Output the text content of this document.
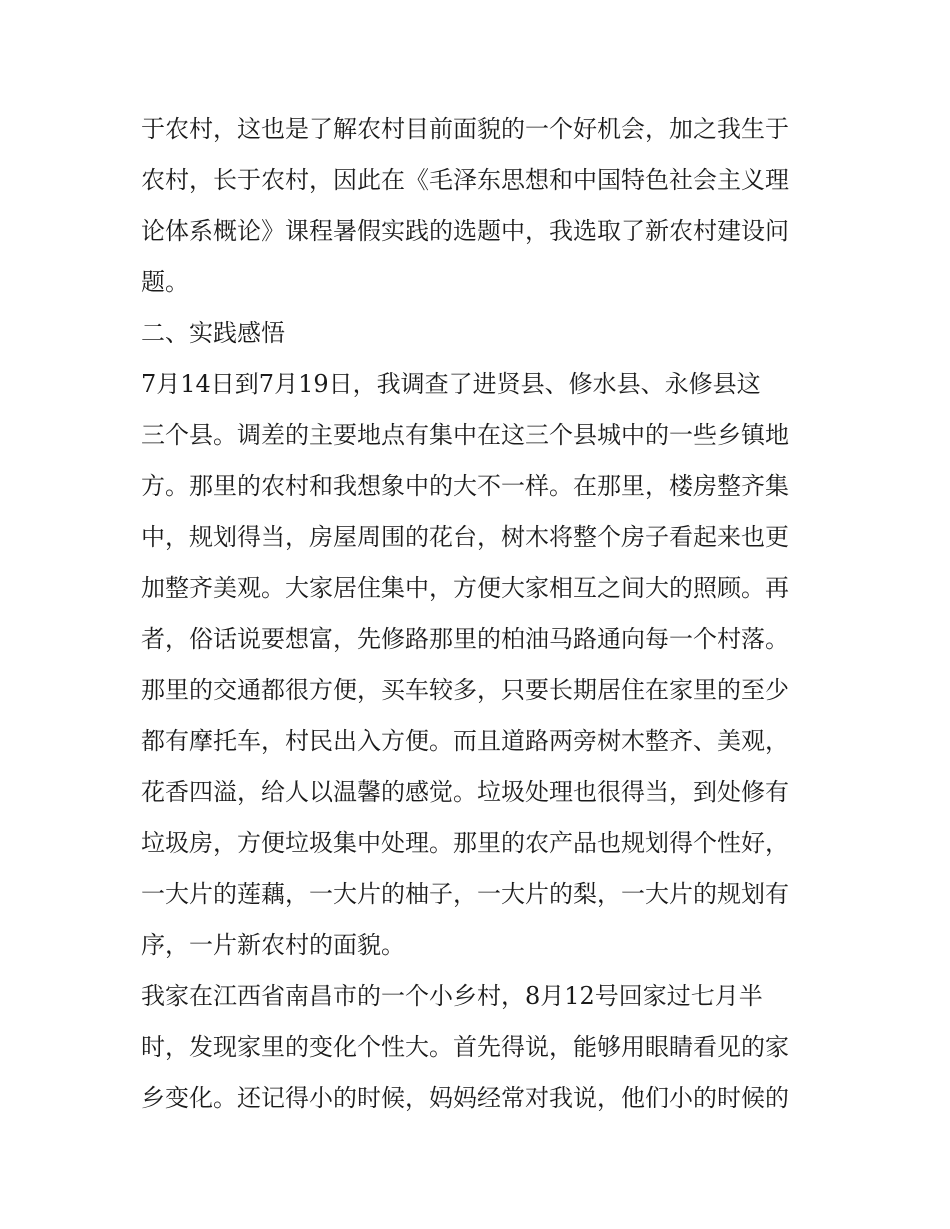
于农村，这也是了解农村目前面貌的一个好机会，加之我生于

农村，长于农村，因此在《毛泽东思想和中国特色社会主义理

论体系概论》课程暑假实践的选题中，我选取了新农村建设问

题。

二、实践感悟

7月14日到7月19日，我调查了进贤县、修水县、永修县这

三个县。调差的主要地点有集中在这三个县城中的一些乡镇地

方。那里的农村和我想象中的大不一样。在那里，楼房整齐集

中，规划得当，房屋周围的花台，树木将整个房子看起来也更

加整齐美观。大家居住集中，方便大家相互之间大的照顾。再

者，俗话说要想富，先修路那里的柏油马路通向每一个村落。

那里的交通都很方便，买车较多，只要长期居住在家里的至少

都有摩托车，村民出入方便。而且道路两旁树木整齐、美观，

花香四溢，给人以温馨的感觉。垃圾处理也很得当，到处修有

垃圾房，方便垃圾集中处理。那里的农产品也规划得个性好，

一大片的莲藕，一大片的柚子，一大片的梨，一大片的规划有

序，一片新农村的面貌。

我家在江西省南昌市的一个小乡村，8月12号回家过七月半

时，发现家里的变化个性大。首先得说，能够用眼睛看见的家

乡变化。还记得小的时候，妈妈经常对我说，他们小的时候的
